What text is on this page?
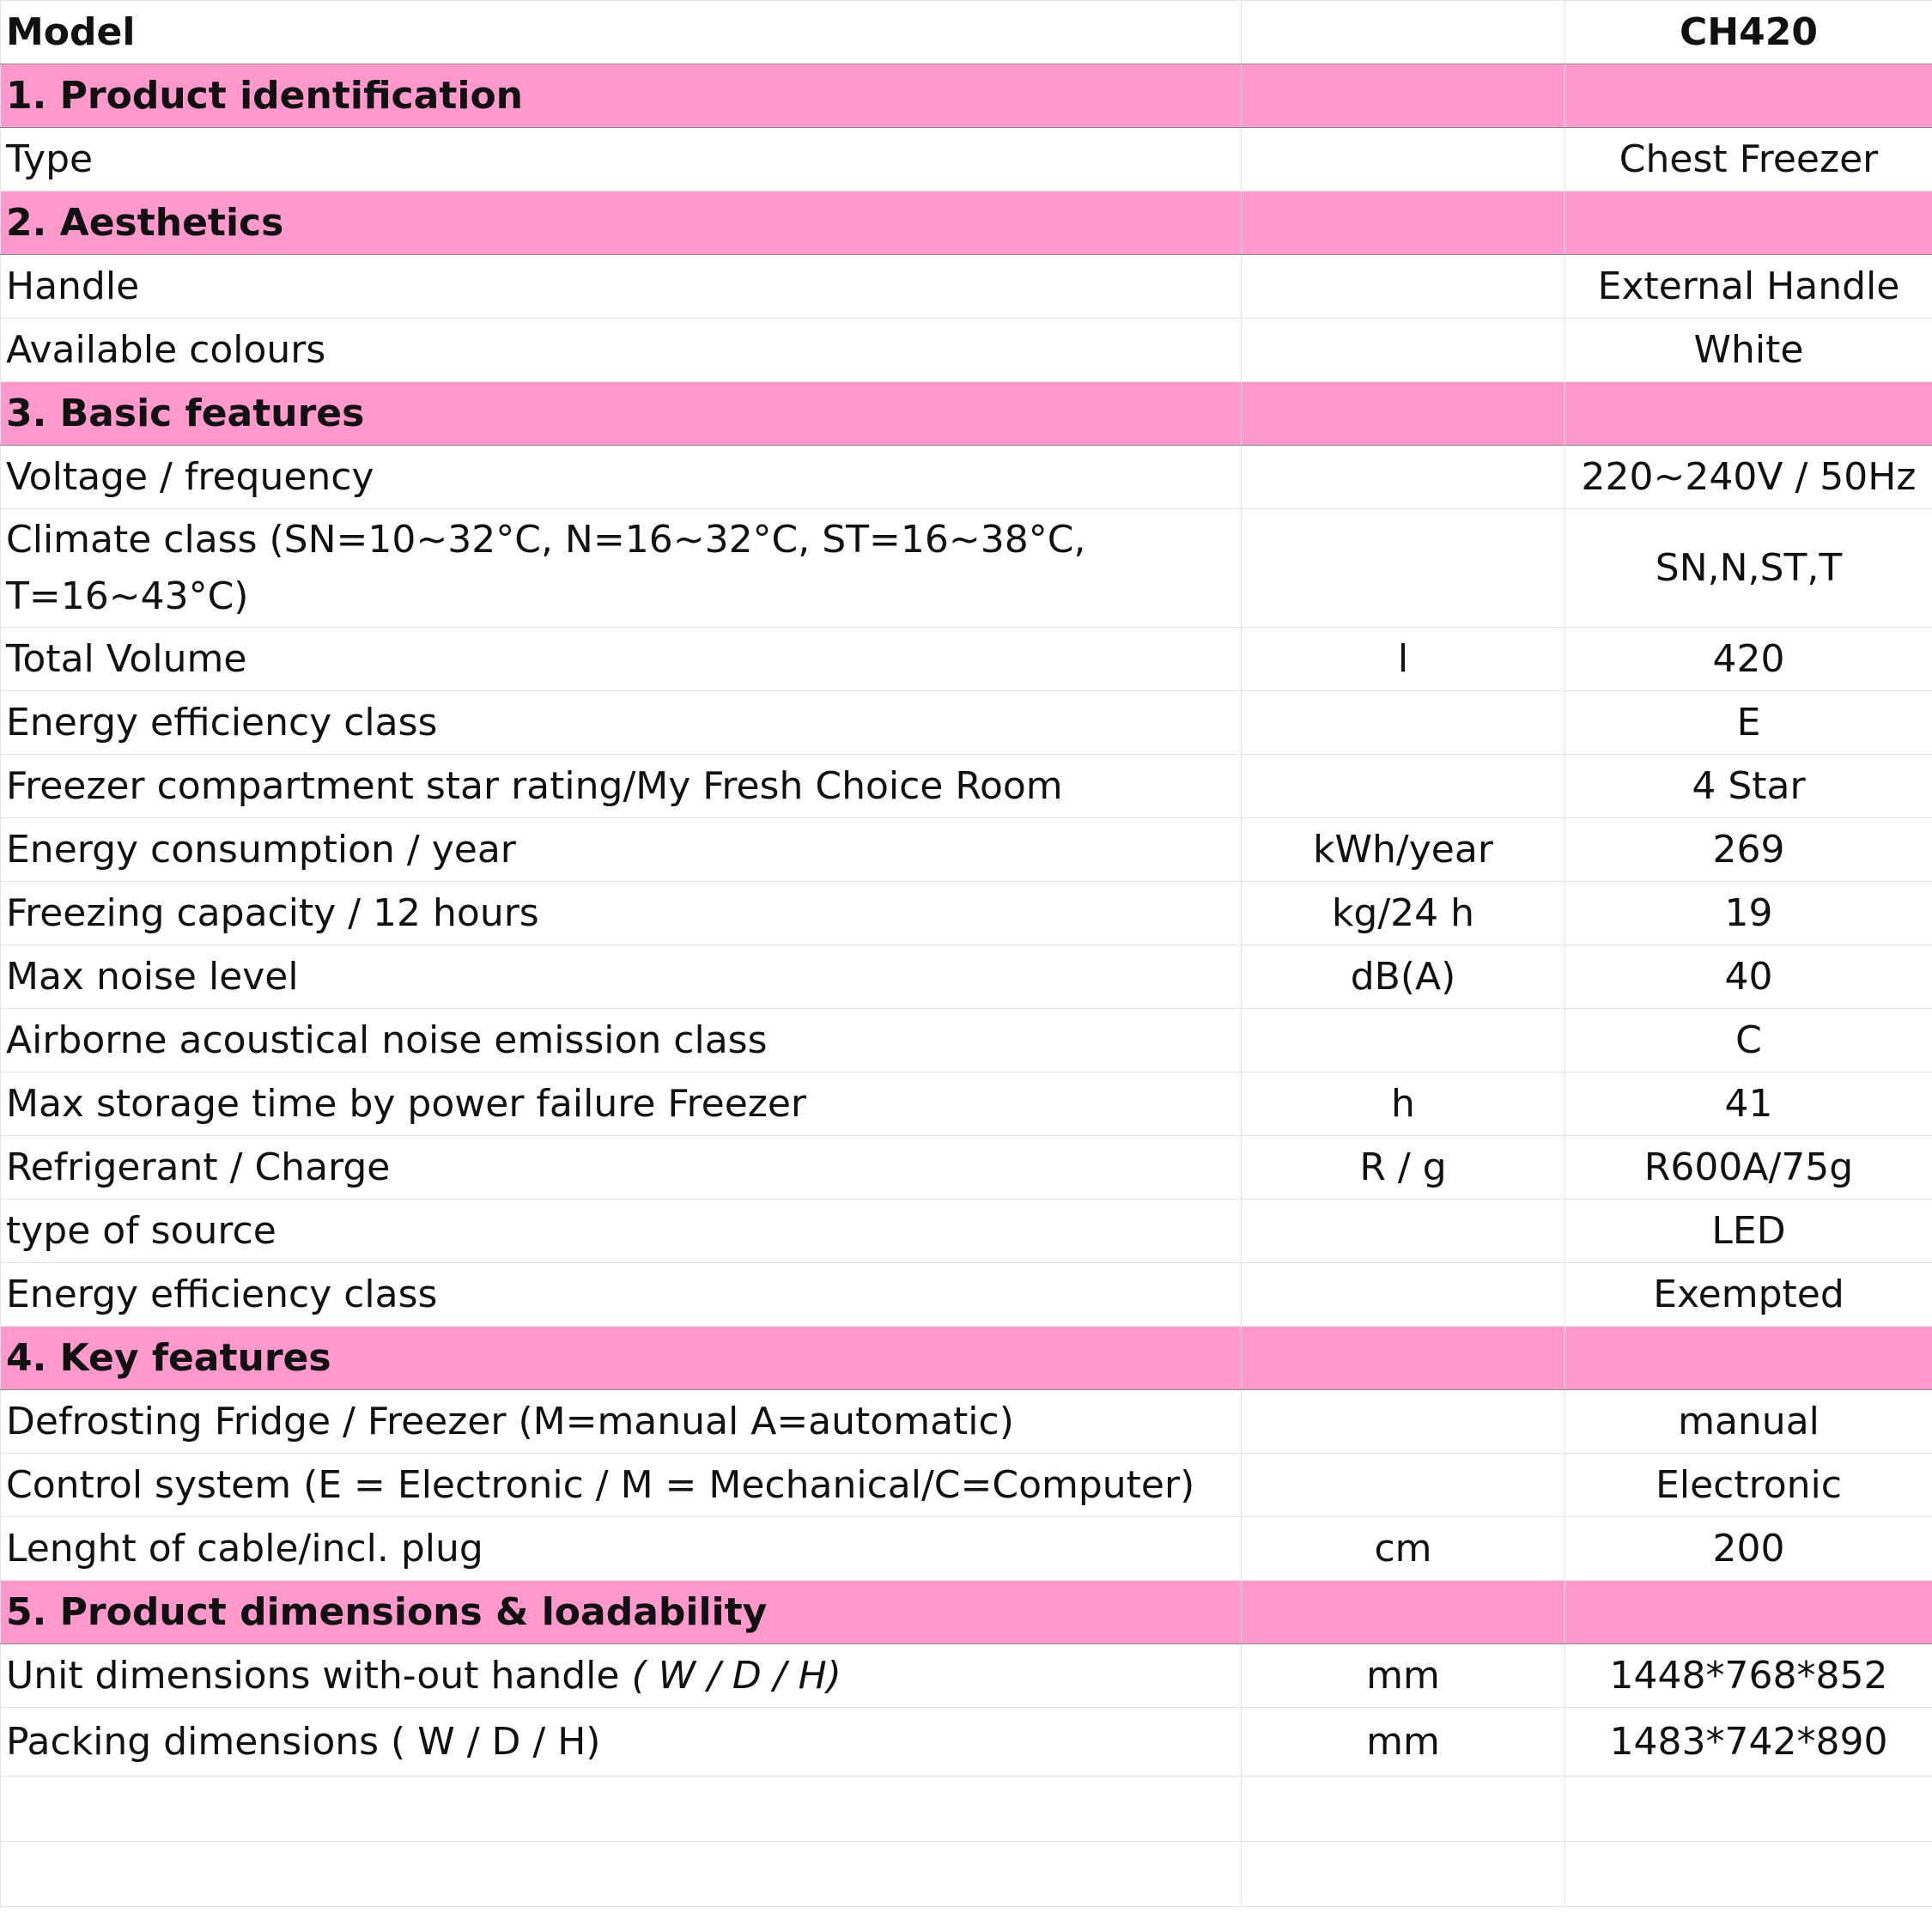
Model		CH420
1. Product identification		
Type		Chest Freezer
2. Aesthetics		
Handle		External Handle
Available colours		White
3. Basic features		
Voltage / frequency		220~240V / 50Hz
Climate class (SN=10~32°C, N=16~32°C, ST=16~38°C, T=16~43°C)		SN,N,ST,T
Total Volume	l	420
Energy efficiency class		E
Freezer compartment star rating/My Fresh Choice Room		4 Star
Energy consumption / year	kWh/year	269
Freezing capacity / 12 hours	kg/24 h	19
Max noise level	dB(A)	40
Airborne acoustical noise emission class		C
Max storage time by power failure Freezer	h	41
Refrigerant / Charge	R / g	R600A/75g
type of source		LED
Energy efficiency class		Exempted
4. Key features		
Defrosting Fridge / Freezer (M=manual A=automatic)		manual
Control system (E = Electronic / M = Mechanical/C=Computer)		Electronic
Lenght of cable/incl. plug	cm	200
5. Product dimensions & loadability		
Unit dimensions with-out handle ( W / D / H)	mm	1448*768*852
Packing dimensions ( W / D / H)	mm	1483*742*890
